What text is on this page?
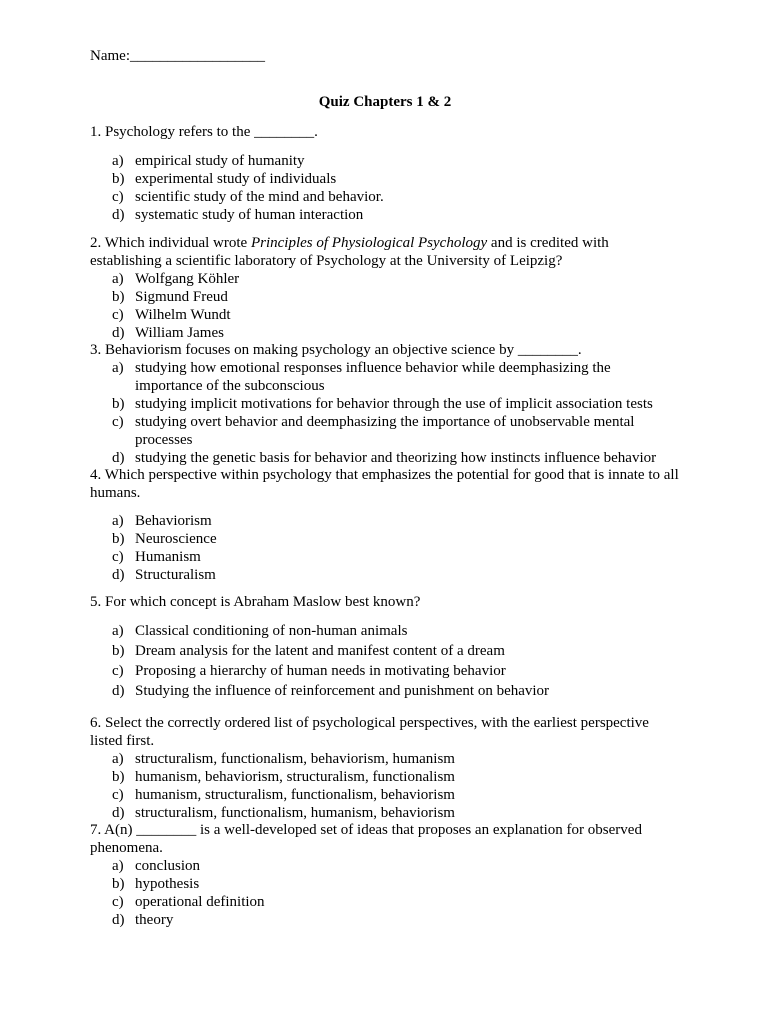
Name:__________________
Quiz Chapters 1 & 2

1. Psychology refers to the ________.

a) empirical study of humanity
b) experimental study of individuals
c) scientific study of the mind and behavior.
d) systematic study of human interaction

2. Which individual wrote Principles of Physiological Psychology and is credited with establishing a scientific laboratory of Psychology at the University of Leipzig?

a) Wolfgang Köhler
b) Sigmund Freud
c) Wilhelm Wundt
d) William James

3. Behaviorism focuses on making psychology an objective science by ________.

a) studying how emotional responses influence behavior while deemphasizing the importance of the subconscious
b) studying implicit motivations for behavior through the use of implicit association tests
c) studying overt behavior and deemphasizing the importance of unobservable mental processes
d) studying the genetic basis for behavior and theorizing how instincts influence behavior

4. Which perspective within psychology that emphasizes the potential for good that is innate to all humans.

a) Behaviorism
b) Neuroscience
c) Humanism
d) Structuralism

5. For which concept is Abraham Maslow best known?

a) Classical conditioning of non-human animals
b) Dream analysis for the latent and manifest content of a dream
c) Proposing a hierarchy of human needs in motivating behavior
d) Studying the influence of reinforcement and punishment on behavior

6. Select the correctly ordered list of psychological perspectives, with the earliest perspective listed first.

a) structuralism, functionalism, behaviorism, humanism
b) humanism, behaviorism, structuralism, functionalism
c) humanism, structuralism, functionalism, behaviorism
d) structuralism, functionalism, humanism, behaviorism

7. A(n) ________ is a well-developed set of ideas that proposes an explanation for observed phenomena.

a) conclusion
b) hypothesis
c) operational definition
d) theory
